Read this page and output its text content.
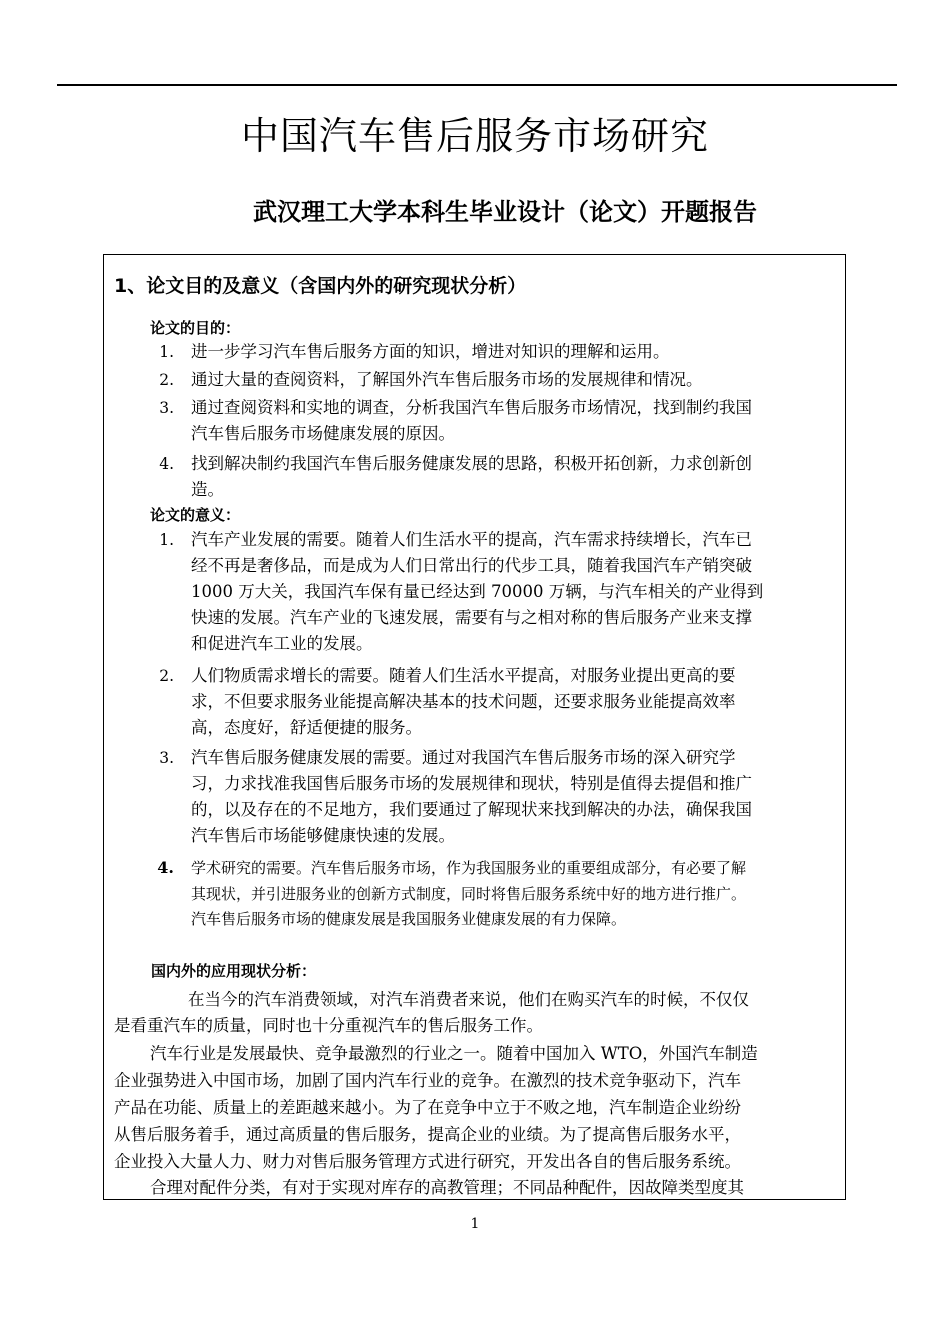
中国汽车售后服务市场研究
武汉理工大学本科生毕业设计（论文）开题报告
1、论文目的及意义（含国内外的研究现状分析）
论文的目的：
1. 进一步学习汽车售后服务方面的知识，增进对知识的理解和运用。
2. 通过大量的查阅资料，了解国外汽车售后服务市场的发展规律和情况。
3. 通过查阅资料和实地的调查，分析我国汽车售后服务市场情况，找到制约我国
汽车售后服务市场健康发展的原因。
4. 找到解决制约我国汽车售后服务健康发展的思路，积极开拓创新，力求创新创
造。
论文的意义：
1. 汽车产业发展的需要。随着人们生活水平的提高，汽车需求持续增长，汽车已
经不再是奢侈品，而是成为人们日常出行的代步工具，随着我国汽车产销突破
1000 万大关，我国汽车保有量已经达到 70000 万辆，与汽车相关的产业得到
快速的发展。汽车产业的飞速发展，需要有与之相对称的售后服务产业来支撑
和促进汽车工业的发展。
2. 人们物质需求增长的需要。随着人们生活水平提高，对服务业提出更高的要
求，不但要求服务业能提高解决基本的技术问题，还要求服务业能提高效率
高，态度好，舒适便捷的服务。
3. 汽车售后服务健康发展的需要。通过对我国汽车售后服务市场的深入研究学
习，力求找准我国售后服务市场的发展规律和现状，特别是值得去提倡和推广
的，以及存在的不足地方，我们要通过了解现状来找到解决的办法，确保我国
汽车售后市场能够健康快速的发展。
4. 学术研究的需要。汽车售后服务市场，作为我国服务业的重要组成部分，有必要了解
其现状，并引进服务业的创新方式制度，同时将售后服务系统中好的地方进行推广。
汽车售后服务市场的健康发展是我国服务业健康发展的有力保障。
国内外的应用现状分析：
在当今的汽车消费领域，对汽车消费者来说，他们在购买汽车的时候，不仅仅
是看重汽车的质量，同时也十分重视汽车的售后服务工作。
汽车行业是发展最快、竞争最激烈的行业之一。随着中国加入 WTO，外国汽车制造
企业强势进入中国市场，加剧了国内汽车行业的竞争。在激烈的技术竞争驱动下，汽车
产品在功能、质量上的差距越来越小。为了在竞争中立于不败之地，汽车制造企业纷纷
从售后服务着手，通过高质量的售后服务，提高企业的业绩。为了提高售后服务水平，
企业投入大量人力、财力对售后服务管理方式进行研究，开发出各自的售后服务系统。
合理对配件分类，有对于实现对库存的高教管理；不同品种配件，因故障类型度其
1
